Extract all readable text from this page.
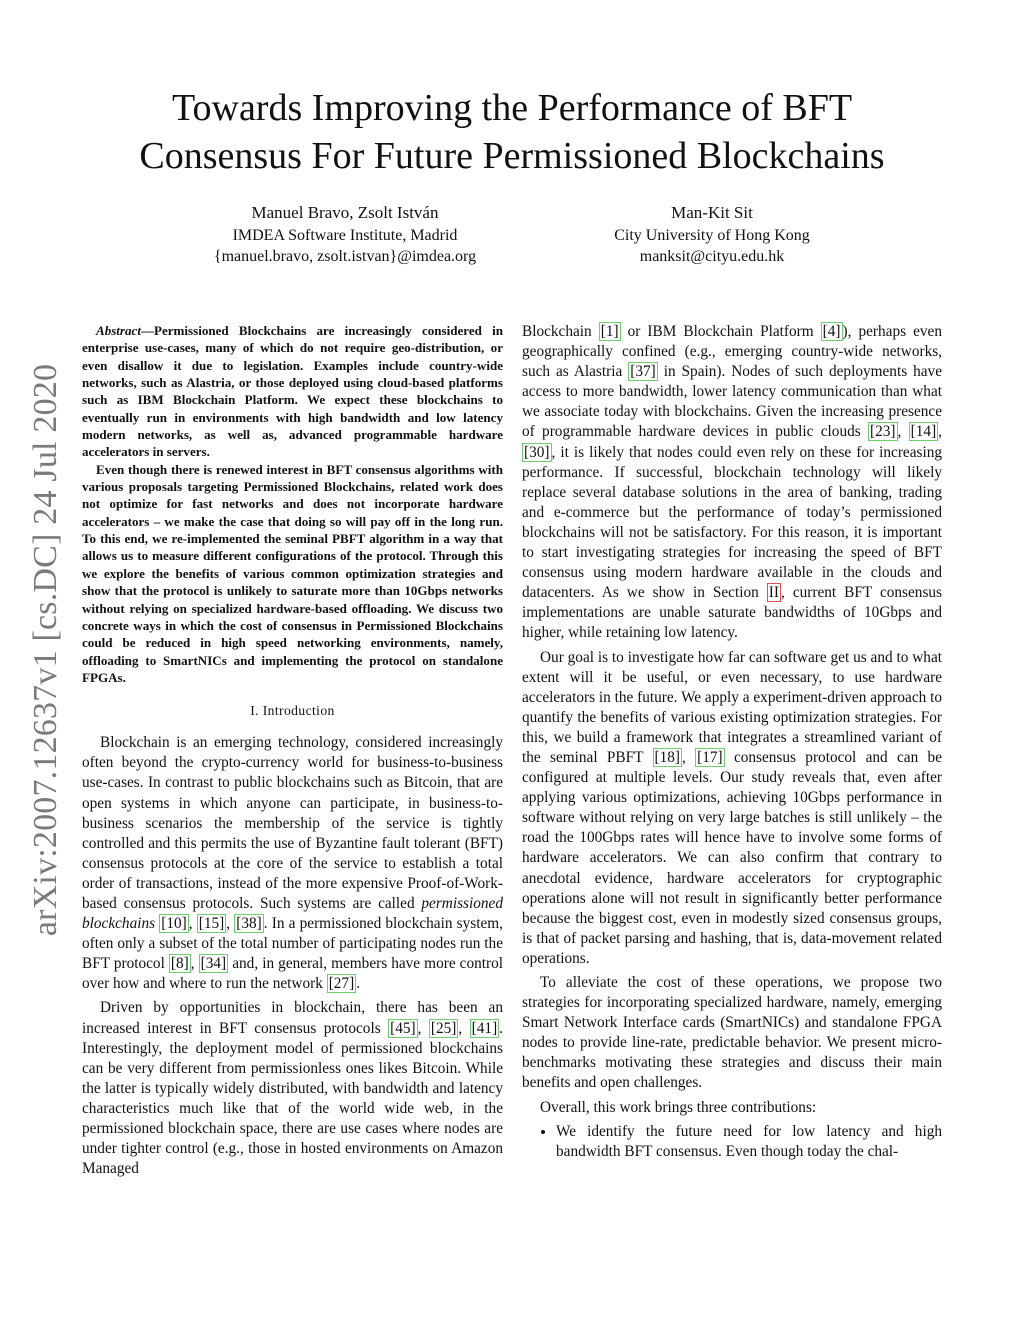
arXiv:2007.12637v1 [cs.DC] 24 Jul 2020
Towards Improving the Performance of BFT
Consensus For Future Permissioned Blockchains
Manuel Bravo, Zsolt István
IMDEA Software Institute, Madrid
{manuel.bravo, zsolt.istvan}@imdea.org
Man-Kit Sit
City University of Hong Kong
manksit@cityu.edu.hk

Abstract—Permissioned Blockchains are increasingly considered in enterprise use-cases, many of which do not require geo-distribution, or even disallow it due to legislation. Examples include country-wide networks, such as Alastria, or those deployed using cloud-based platforms such as IBM Blockchain Platform. We expect these blockchains to eventually run in environments with high bandwidth and low latency modern networks, as well as, advanced programmable hardware accelerators in servers.

Even though there is renewed interest in BFT consensus algorithms with various proposals targeting Permissioned Blockchains, related work does not optimize for fast networks and does not incorporate hardware accelerators – we make the case that doing so will pay off in the long run. To this end, we re-implemented the seminal PBFT algorithm in a way that allows us to measure different configurations of the protocol. Through this we explore the benefits of various common optimization strategies and show that the protocol is unlikely to saturate more than 10Gbps networks without relying on specialized hardware-based offloading. We discuss two concrete ways in which the cost of consensus in Permissioned Blockchains could be reduced in high speed networking environments, namely, offloading to SmartNICs and implementing the protocol on standalone FPGAs.

I. Introduction

Blockchain is an emerging technology, considered increasingly often beyond the crypto-currency world for business-to-business use-cases. In contrast to public blockchains such as Bitcoin, that are open systems in which anyone can participate, in business-to-business scenarios the membership of the service is tightly controlled and this permits the use of Byzantine fault tolerant (BFT) consensus protocols at the core of the service to establish a total order of transactions, instead of the more expensive Proof-of-Work-based consensus protocols. Such systems are called permissioned blockchains [10] , [15] , [38] . In a permissioned blockchain system, often only a subset of the total number of participating nodes run the BFT protocol [8] , [34] and, in general, members have more control over how and where to run the network [27] .

Driven by opportunities in blockchain, there has been an increased interest in BFT consensus protocols [45] , [25] , [41] . Interestingly, the deployment model of permissioned blockchains can be very different from permissionless ones likes Bitcoin. While the latter is typically widely distributed, with bandwidth and latency characteristics much like that of the world wide web, in the permissioned blockchain space, there are use cases where nodes are under tighter control (e.g., those in hosted environments on Amazon Managed

Blockchain [1] or IBM Blockchain Platform [4] ), perhaps even geographically confined (e.g., emerging country-wide networks, such as Alastria [37] in Spain). Nodes of such deployments have access to more bandwidth, lower latency communication than what we associate today with blockchains. Given the increasing presence of programmable hardware devices in public clouds [23] , [14] , [30] , it is likely that nodes could even rely on these for increasing performance. If successful, blockchain technology will likely replace several database solutions in the area of banking, trading and e-commerce but the performance of today’s permissioned blockchains will not be satisfactory. For this reason, it is important to start investigating strategies for increasing the speed of BFT consensus using modern hardware available in the clouds and datacenters. As we show in Section II , current BFT consensus implementations are unable saturate bandwidths of 10Gbps and higher, while retaining low latency.

Our goal is to investigate how far can software get us and to what extent will it be useful, or even necessary, to use hardware accelerators in the future. We apply a experiment-driven approach to quantify the benefits of various existing optimization strategies. For this, we build a framework that integrates a streamlined variant of the seminal PBFT [18] , [17] consensus protocol and can be configured at multiple levels. Our study reveals that, even after applying various optimizations, achieving 10Gbps performance in software without relying on very large batches is still unlikely – the road the 100Gbps rates will hence have to involve some forms of hardware accelerators. We can also confirm that contrary to anecdotal evidence, hardware accelerators for cryptographic operations alone will not result in significantly better performance because the biggest cost, even in modestly sized consensus groups, is that of packet parsing and hashing, that is, data-movement related operations.

To alleviate the cost of these operations, we propose two strategies for incorporating specialized hardware, namely, emerging Smart Network Interface cards (SmartNICs) and standalone FPGA nodes to provide line-rate, predictable behavior. We present micro-benchmarks motivating these strategies and discuss their main benefits and open challenges.

Overall, this work brings three contributions:

• We identify the future need for low latency and high bandwidth BFT consensus. Even though today the chal-
